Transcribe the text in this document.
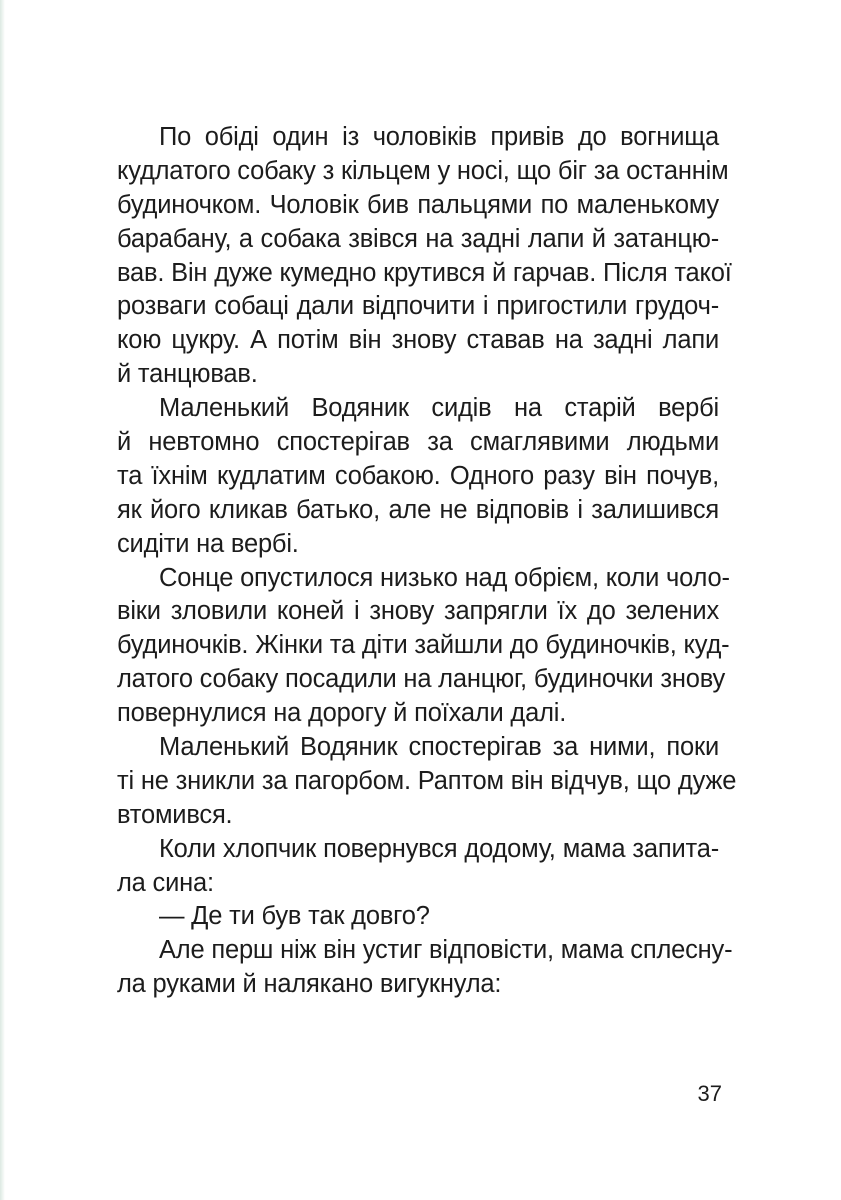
По обіді один із чоловіків привів до вогнища
кудлатого собаку з кільцем у носі, що біг за останнім
будиночком. Чоловік бив пальцями по маленькому
барабану, а собака звівся на задні лапи й затанцю-
вав. Він дуже кумедно крутився й гарчав. Після такої
розваги собаці дали відпочити і пригостили грудоч-
кою цукру. А потім він знову ставав на задні лапи
й танцював.
Маленький Водяник сидів на старій вербі
й невтомно спостерігав за смаглявими людьми
та їхнім кудлатим собакою. Одного разу він почув,
як його кликав батько, але не відповів і залишився
сидіти на вербі.
Сонце опустилося низько над обрієм, коли чоло-
віки зловили коней і знову запрягли їх до зелених
будиночків. Жінки та діти зайшли до будиночків, куд-
латого собаку посадили на ланцюг, будиночки знову
повернулися на дорогу й поїхали далі.
Маленький Водяник спостерігав за ними, поки
ті не зникли за пагорбом. Раптом він відчув, що дуже
втомився.
Коли хлопчик повернувся додому, мама запита-
ла сина:
— Де ти був так довго?
Але перш ніж він устиг відповісти, мама сплесну-
ла руками й налякано вигукнула:
37
